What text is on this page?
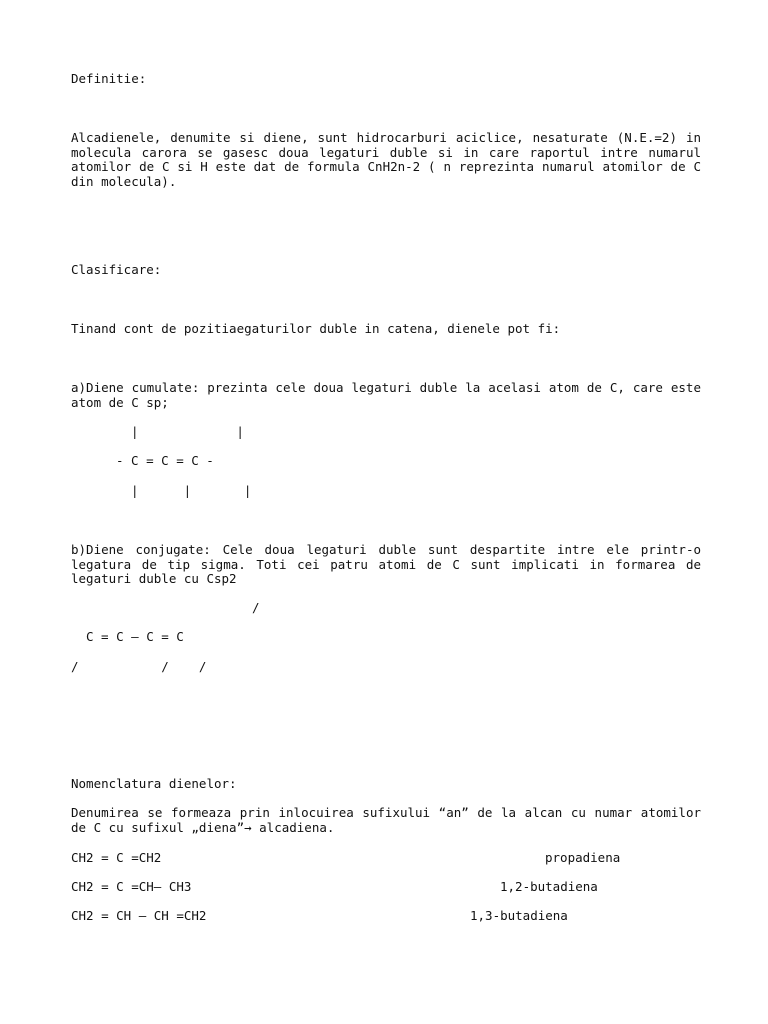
Definitie:
Alcadienele, denumite si diene, sunt hidrocarburi aciclice, nesaturate (N.E.=2) in molecula carora se gasesc doua legaturi duble si in care raportul intre numarul atomilor de C si H este dat de formula CnH2n-2 ( n reprezinta numarul atomilor de C din molecula).
Clasificare:
Tinand cont de pozitiaegaturilor duble in catena, dienele pot fi:
a)Diene cumulate: prezinta cele doua legaturi duble la acelasi atom de C, care este atom de C sp;
|             |
- C = C = C -
|      |       |
b)Diene conjugate: Cele doua legaturi duble sunt despartite intre ele printr-o legatura de tip sigma. Toti cei patru atomi de C sunt implicati in formarea de legaturi duble cu Csp2
/
C = C – C = C
/           /    /
Nomenclatura dienelor:
Denumirea se formeaza prin inlocuirea sufixului “an” de la alcan cu numar atomilor de C cu sufixul „diena”→ alcadiena.
CH2 = C =CH2	propadiena
CH2 = C =CH– CH3	1,2-butadiena
CH2 = CH – CH =CH2	1,3-butadiena
